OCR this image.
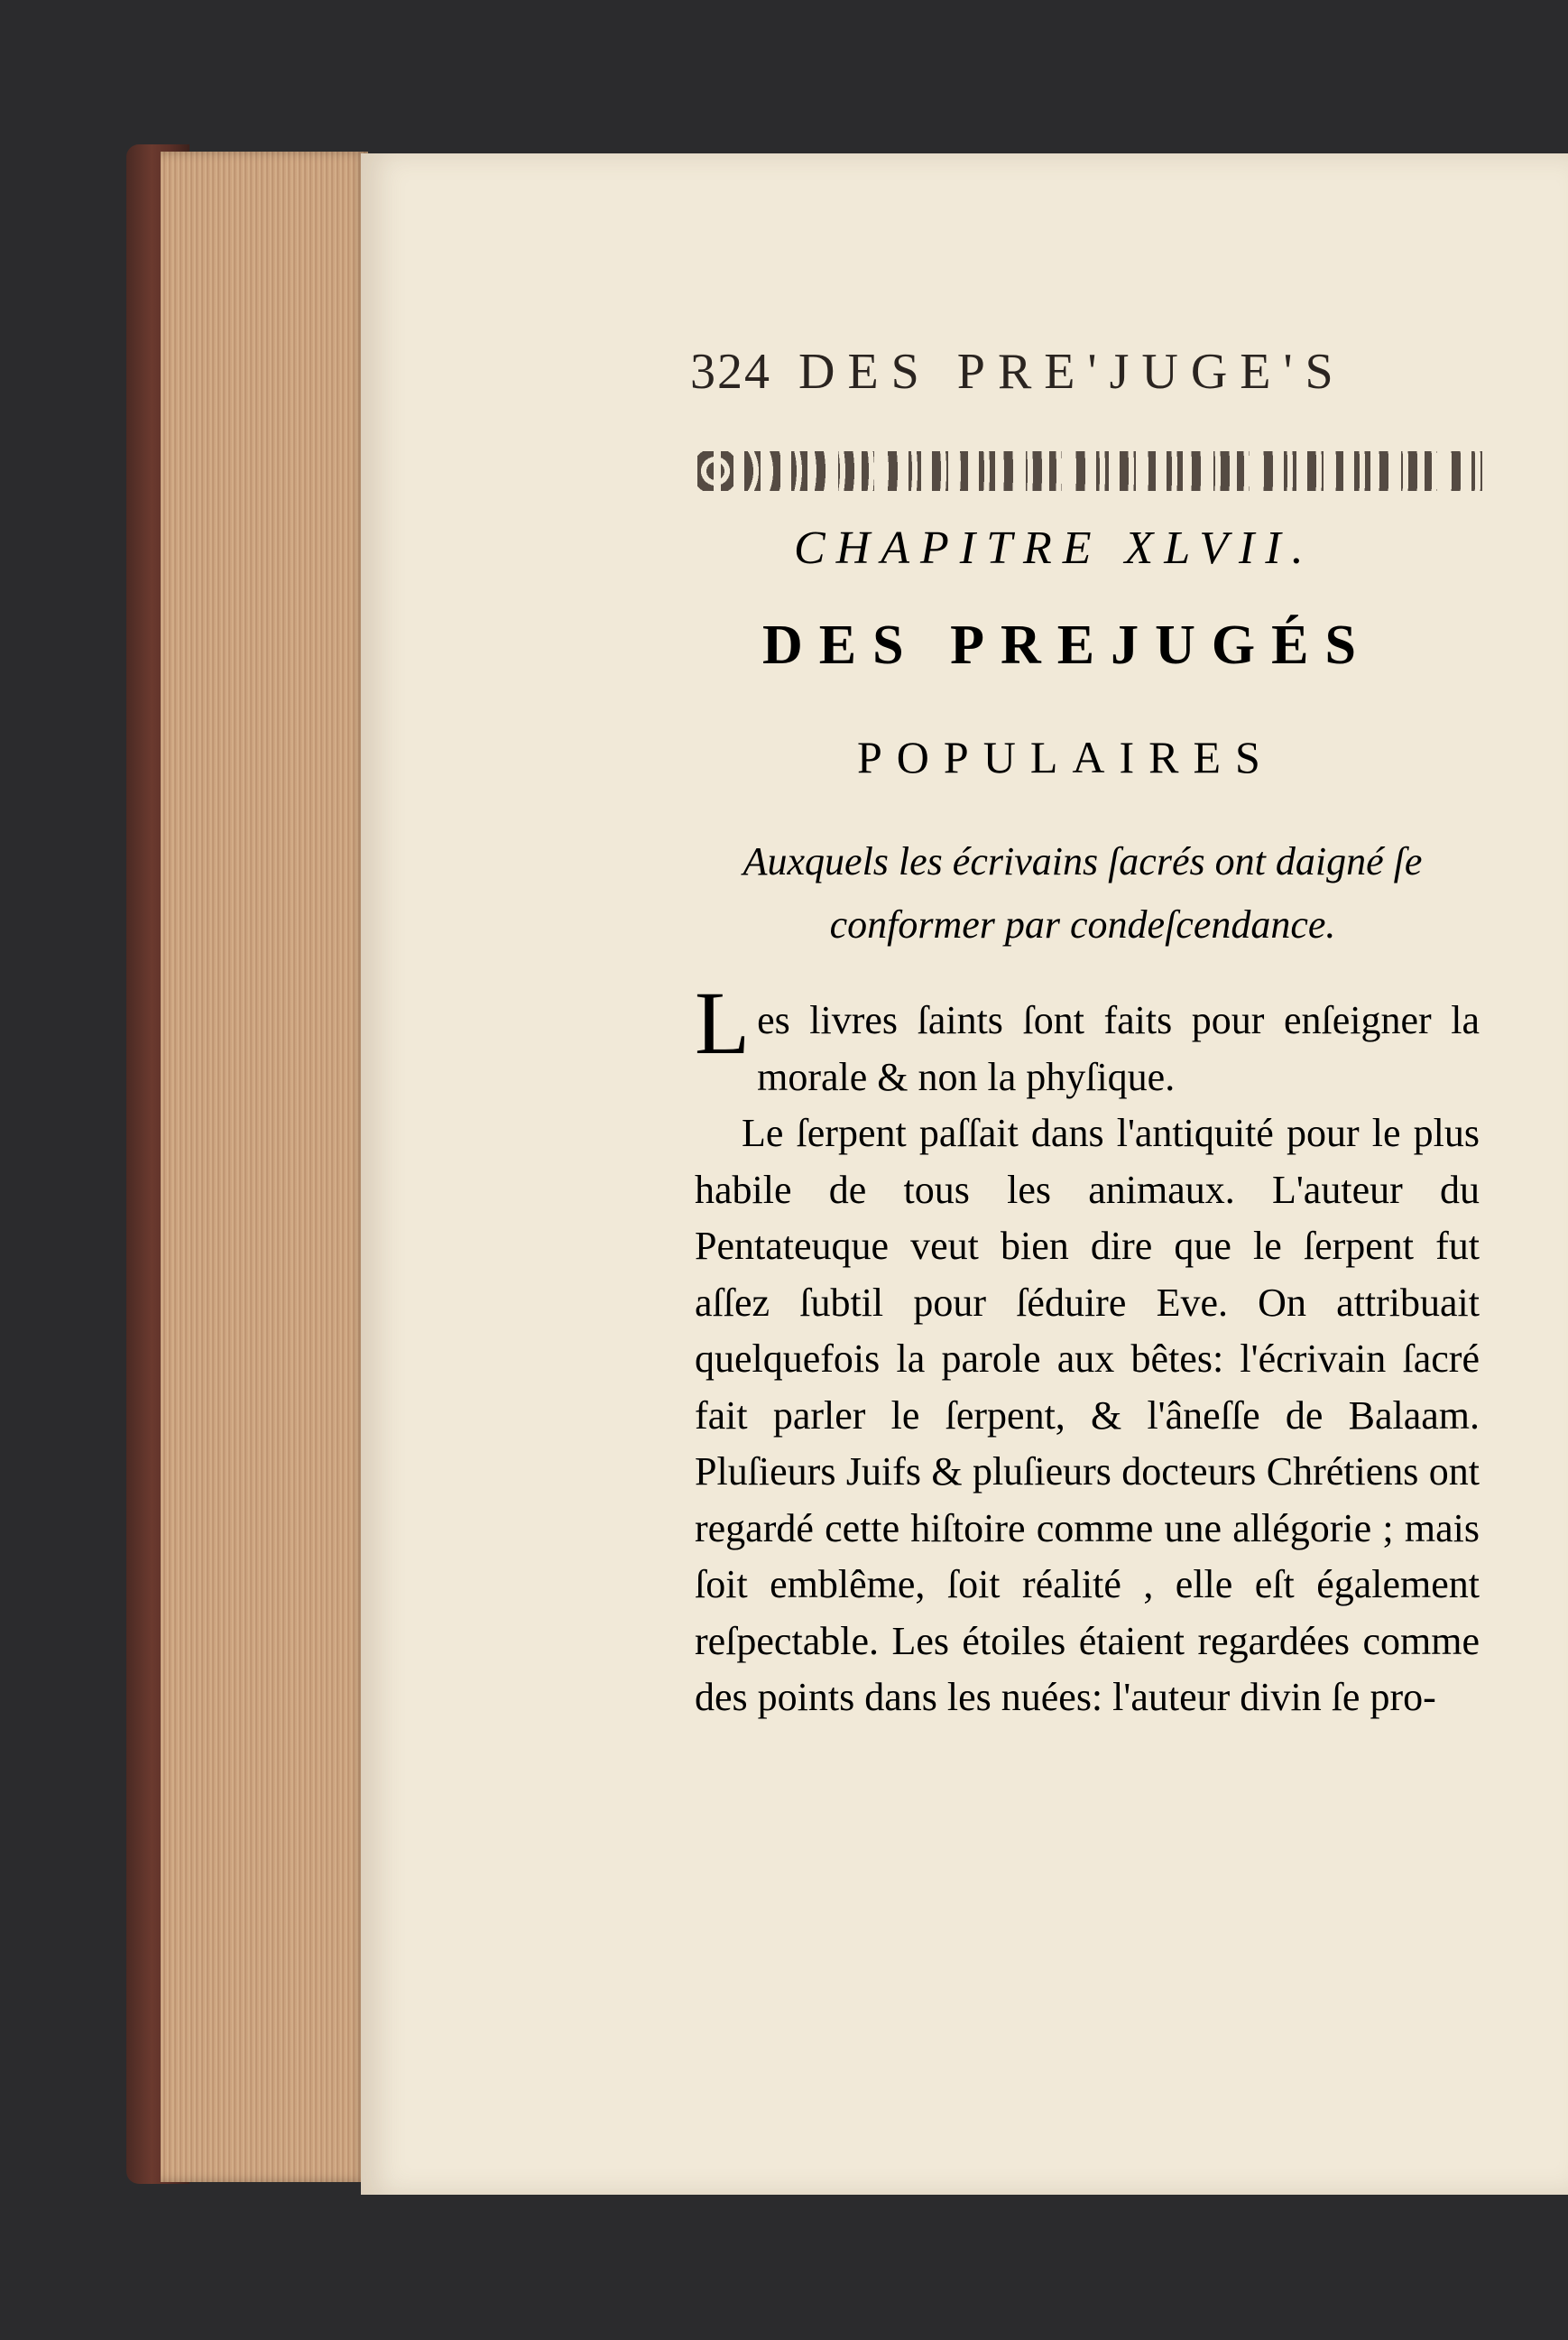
324 DES PRE'JUGE'S
CHAPITRE XLVII.
DES PREJUGÉS
POPULAIRES
Auxquels les écrivains ſacrés ont daigné ſe conformer par condeſcendance.

Les livres ſaints ſont faits pour enſeigner la morale & non la phyſique.

Le ſerpent paſſait dans l'antiquité pour le plus habile de tous les animaux. L'auteur du Pentateuque veut bien dire que le ſerpent fut aſſez ſubtil pour ſéduire Eve. On attribuait quelquefois la parole aux bêtes: l'écrivain ſacré fait parler le ſerpent, & l'âneſſe de Balaam. Pluſieurs Juifs & pluſieurs docteurs Chrétiens ont regardé cette hiſtoire comme une allégorie ; mais ſoit emblême, ſoit réalité , elle eſt également reſpectable. Les étoiles étaient regardées comme des points dans les nuées: l'auteur divin ſe pro-
